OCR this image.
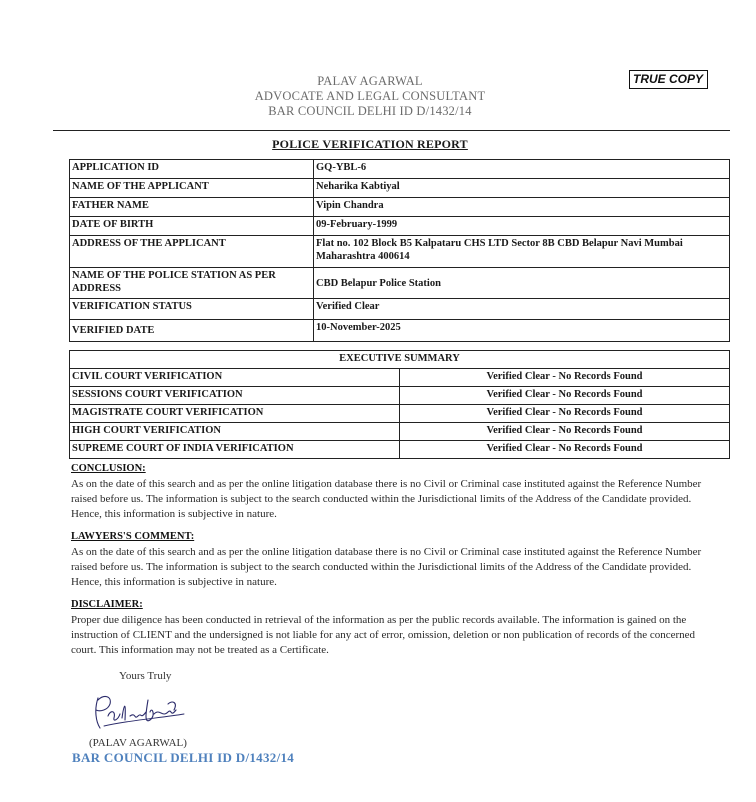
PALAV AGARWAL
ADVOCATE AND LEGAL CONSULTANT
BAR COUNCIL DELHI ID D/1432/14
TRUE COPY
POLICE VERIFICATION REPORT
APPLICATION ID	GQ-YBL-6
NAME OF THE APPLICANT	Neharika Kabtiyal
FATHER NAME	Vipin Chandra
DATE OF BIRTH	09-February-1999
ADDRESS OF THE APPLICANT	Flat no. 102 Block B5 Kalpataru CHS LTD Sector 8B CBD Belapur Navi Mumbai Maharashtra 400614
NAME OF THE POLICE STATION AS PER ADDRESS	CBD Belapur Police Station
VERIFICATION STATUS	Verified Clear
VERIFIED DATE	10-November-2025
EXECUTIVE SUMMARY	
CIVIL COURT VERIFICATION	Verified Clear - No Records Found
SESSIONS COURT VERIFICATION	Verified Clear - No Records Found
MAGISTRATE COURT VERIFICATION	Verified Clear - No Records Found
HIGH COURT VERIFICATION	Verified Clear - No Records Found
SUPREME COURT OF INDIA VERIFICATION	Verified Clear - No Records Found
CONCLUSION:
As on the date of this search and as per the online litigation database there is no Civil or Criminal case instituted against the Reference Number raised before us. The information is subject to the search conducted within the Jurisdictional limits of the Address of the Candidate provided. Hence, this information is subjective in nature.
LAWYERS'S COMMENT:
As on the date of this search and as per the online litigation database there is no Civil or Criminal case instituted against the Reference Number raised before us. The information is subject to the search conducted within the Jurisdictional limits of the Address of the Candidate provided. Hence, this information is subjective in nature.
DISCLAIMER:
Proper due diligence has been conducted in retrieval of the information as per the public records available. The information is gained on the instruction of CLIENT and the undersigned is not liable for any act of error, omission, deletion or non publication of records of the concerned court. This information may not be treated as a Certificate.
Yours Truly
(PALAV AGARWAL)
BAR COUNCIL DELHI ID D/1432/14
